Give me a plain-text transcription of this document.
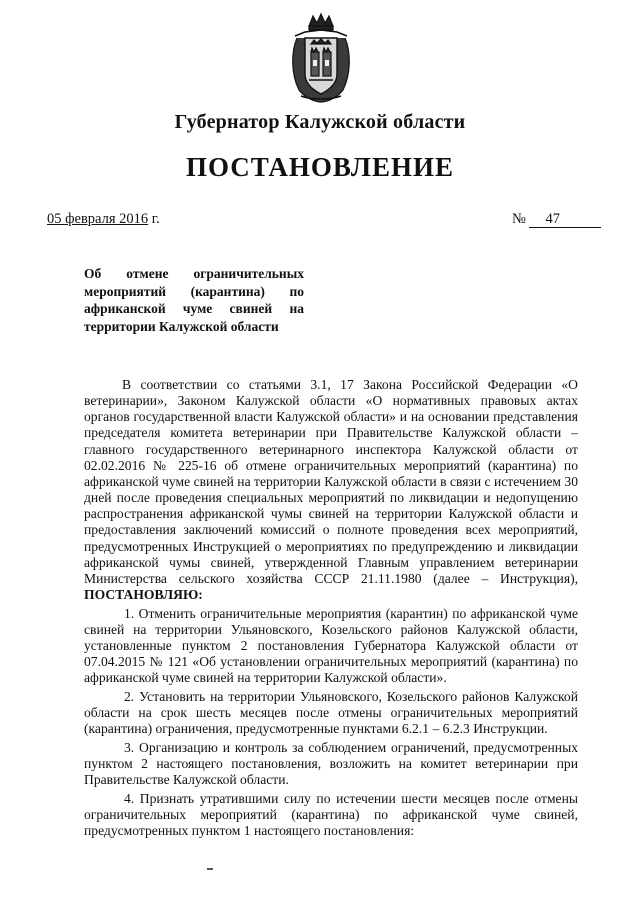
Губернатор Калужской области
ПОСТАНОВЛЕНИЕ
05 февраля 2016 г.	№ 47
Об отмене ограничительных мероприятий (карантина) по африканской чуме свиней на территории Калужской области

В соответствии со статьями 3.1, 17 Закона Российской Федерации «О ветеринарии», Законом Калужской области «О нормативных правовых актах органов государственной власти Калужской области» и на основании представления председателя комитета ветеринарии при Правительстве Калужской области – главного государственного ветеринарного инспектора Калужской области от 02.02.2016 № 225-16 об отмене ограничительных мероприятий (карантина) по африканской чуме свиней на территории Калужской области в связи с истечением 30 дней после проведения специальных мероприятий по ликвидации и недопущению распространения африканской чумы свиней на территории Калужской области и предоставления заключений комиссий о полноте проведения всех мероприятий, предусмотренных Инструкцией о мероприятиях по предупреждению и ликвидации африканской чумы свиней, утвержденной Главным управлением ветеринарии Министерства сельского хозяйства СССР 21.11.1980 (далее – Инструкция), ПОСТАНОВЛЯЮ:

1. Отменить ограничительные мероприятия (карантин) по африканской чуме свиней на территории Ульяновского, Козельского районов Калужской области, установленные пунктом 2 постановления Губернатора Калужской области от 07.04.2015 № 121 «Об установлении ограничительных мероприятий (карантина) по африканской чуме свиней на территории Калужской области».

2. Установить на территории Ульяновского, Козельского районов Калужской области на срок шесть месяцев после отмены ограничительных мероприятий (карантина) ограничения, предусмотренные пунктами 6.2.1 – 6.2.3 Инструкции.

3. Организацию и контроль за соблюдением ограничений, предусмотренных пунктом 2 настоящего постановления, возложить на комитет ветеринарии при Правительстве Калужской области.

4. Признать утратившими силу по истечении шести месяцев после отмены ограничительных мероприятий (карантина) по африканской чуме свиней, предусмотренных пунктом 1 настоящего постановления:
